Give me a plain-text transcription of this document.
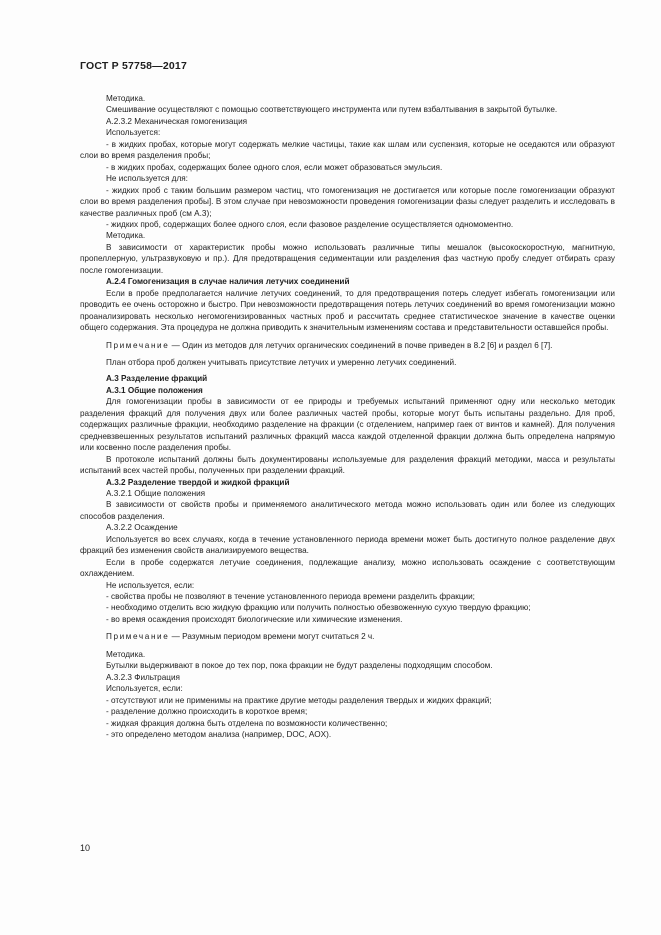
ГОСТ Р 57758—2017

Методика.

Смешивание осуществляют с помощью соответствующего инструмента или путем взбалтывания в закрытой бутылке.

А.2.3.2 Механическая гомогенизация

Используется:

- в жидких пробах, которые могут содержать мелкие частицы, такие как шлам или суспензия, которые не оседаются или образуют слои во время разделения пробы;

- в жидких пробах, содержащих более одного слоя, если может образоваться эмульсия.

Не используется для:

- жидких проб с таким большим размером частиц, что гомогенизация не достигается или которые после гомогенизации образуют слои во время разделения пробы]. В этом случае при невозможности проведения гомогенизации фазы следует разделить и исследовать в качестве различных проб (см А.3);

- жидких проб, содержащих более одного слоя, если фазовое разделение осуществляется одномоментно.

Методика.

В зависимости от характеристик пробы можно использовать различные типы мешалок (высокоскоростную, магнитную, пропеллерную, ультразвуковую и пр.). Для предотвращения седиментации или разделения фаз частную пробу следует отбирать сразу после гомогенизации.

А.2.4 Гомогенизация в случае наличия летучих соединений

Если в пробе предполагается наличие летучих соединений, то для предотвращения потерь следует избегать гомогенизации или проводить ее очень осторожно и быстро. При невозможности предотвращения потерь летучих соединений во время гомогенизации можно проанализировать несколько негомогенизированных частных проб и рассчитать среднее статистическое значение в качестве оценки общего содержания. Эта процедура не должна приводить к значительным изменениям состава и представительности оставшейся пробы.

Примечание — Один из методов для летучих органических соединений в почве приведен в 8.2 [6] и раздел 6 [7].

План отбора проб должен учитывать присутствие летучих и умеренно летучих соединений.

А.3 Разделение фракций

А.3.1 Общие положения

Для гомогенизации пробы в зависимости от ее природы и требуемых испытаний применяют одну или несколько методик разделения фракций для получения двух или более различных частей пробы, которые могут быть испытаны раздельно. Для проб, содержащих различные фракции, необходимо разделение на фракции (с отделением, например гаек от винтов и камней). Для получения средневзвешенных результатов испытаний различных фракций масса каждой отделенной фракции должна быть определена напрямую или косвенно после разделения пробы.

В протоколе испытаний должны быть документированы используемые для разделения фракций методики, масса и результаты испытаний всех частей пробы, полученных при разделении фракций.

А.3.2 Разделение твердой и жидкой фракций

А.3.2.1 Общие положения

В зависимости от свойств пробы и применяемого аналитического метода можно использовать один или более из следующих способов разделения.

А.3.2.2 Осаждение

Используется во всех случаях, когда в течение установленного периода времени может быть достигнуто полное разделение двух фракций без изменения свойств анализируемого вещества.

Если в пробе содержатся летучие соединения, подлежащие анализу, можно использовать осаждение с соответствующим охлаждением.

Не используется, если:

- свойства пробы не позволяют в течение установленного периода времени разделить фракции;

- необходимо отделить всю жидкую фракцию или получить полностью обезвоженную сухую твердую фракцию;

- во время осаждения происходят биологические или химические изменения.

Примечание — Разумным периодом времени могут считаться 2 ч.

Методика.

Бутылки выдерживают в покое до тех пор, пока фракции не будут разделены подходящим способом.

А.3.2.3 Фильтрация

Используется, если:

- отсутствуют или не применимы на практике другие методы разделения твердых и жидких фракций;

- разделение должно происходить в короткое время;

- жидкая фракция должна быть отделена по возможности количественно;

- это определено методом анализа (например, DOC, AOX).

10
